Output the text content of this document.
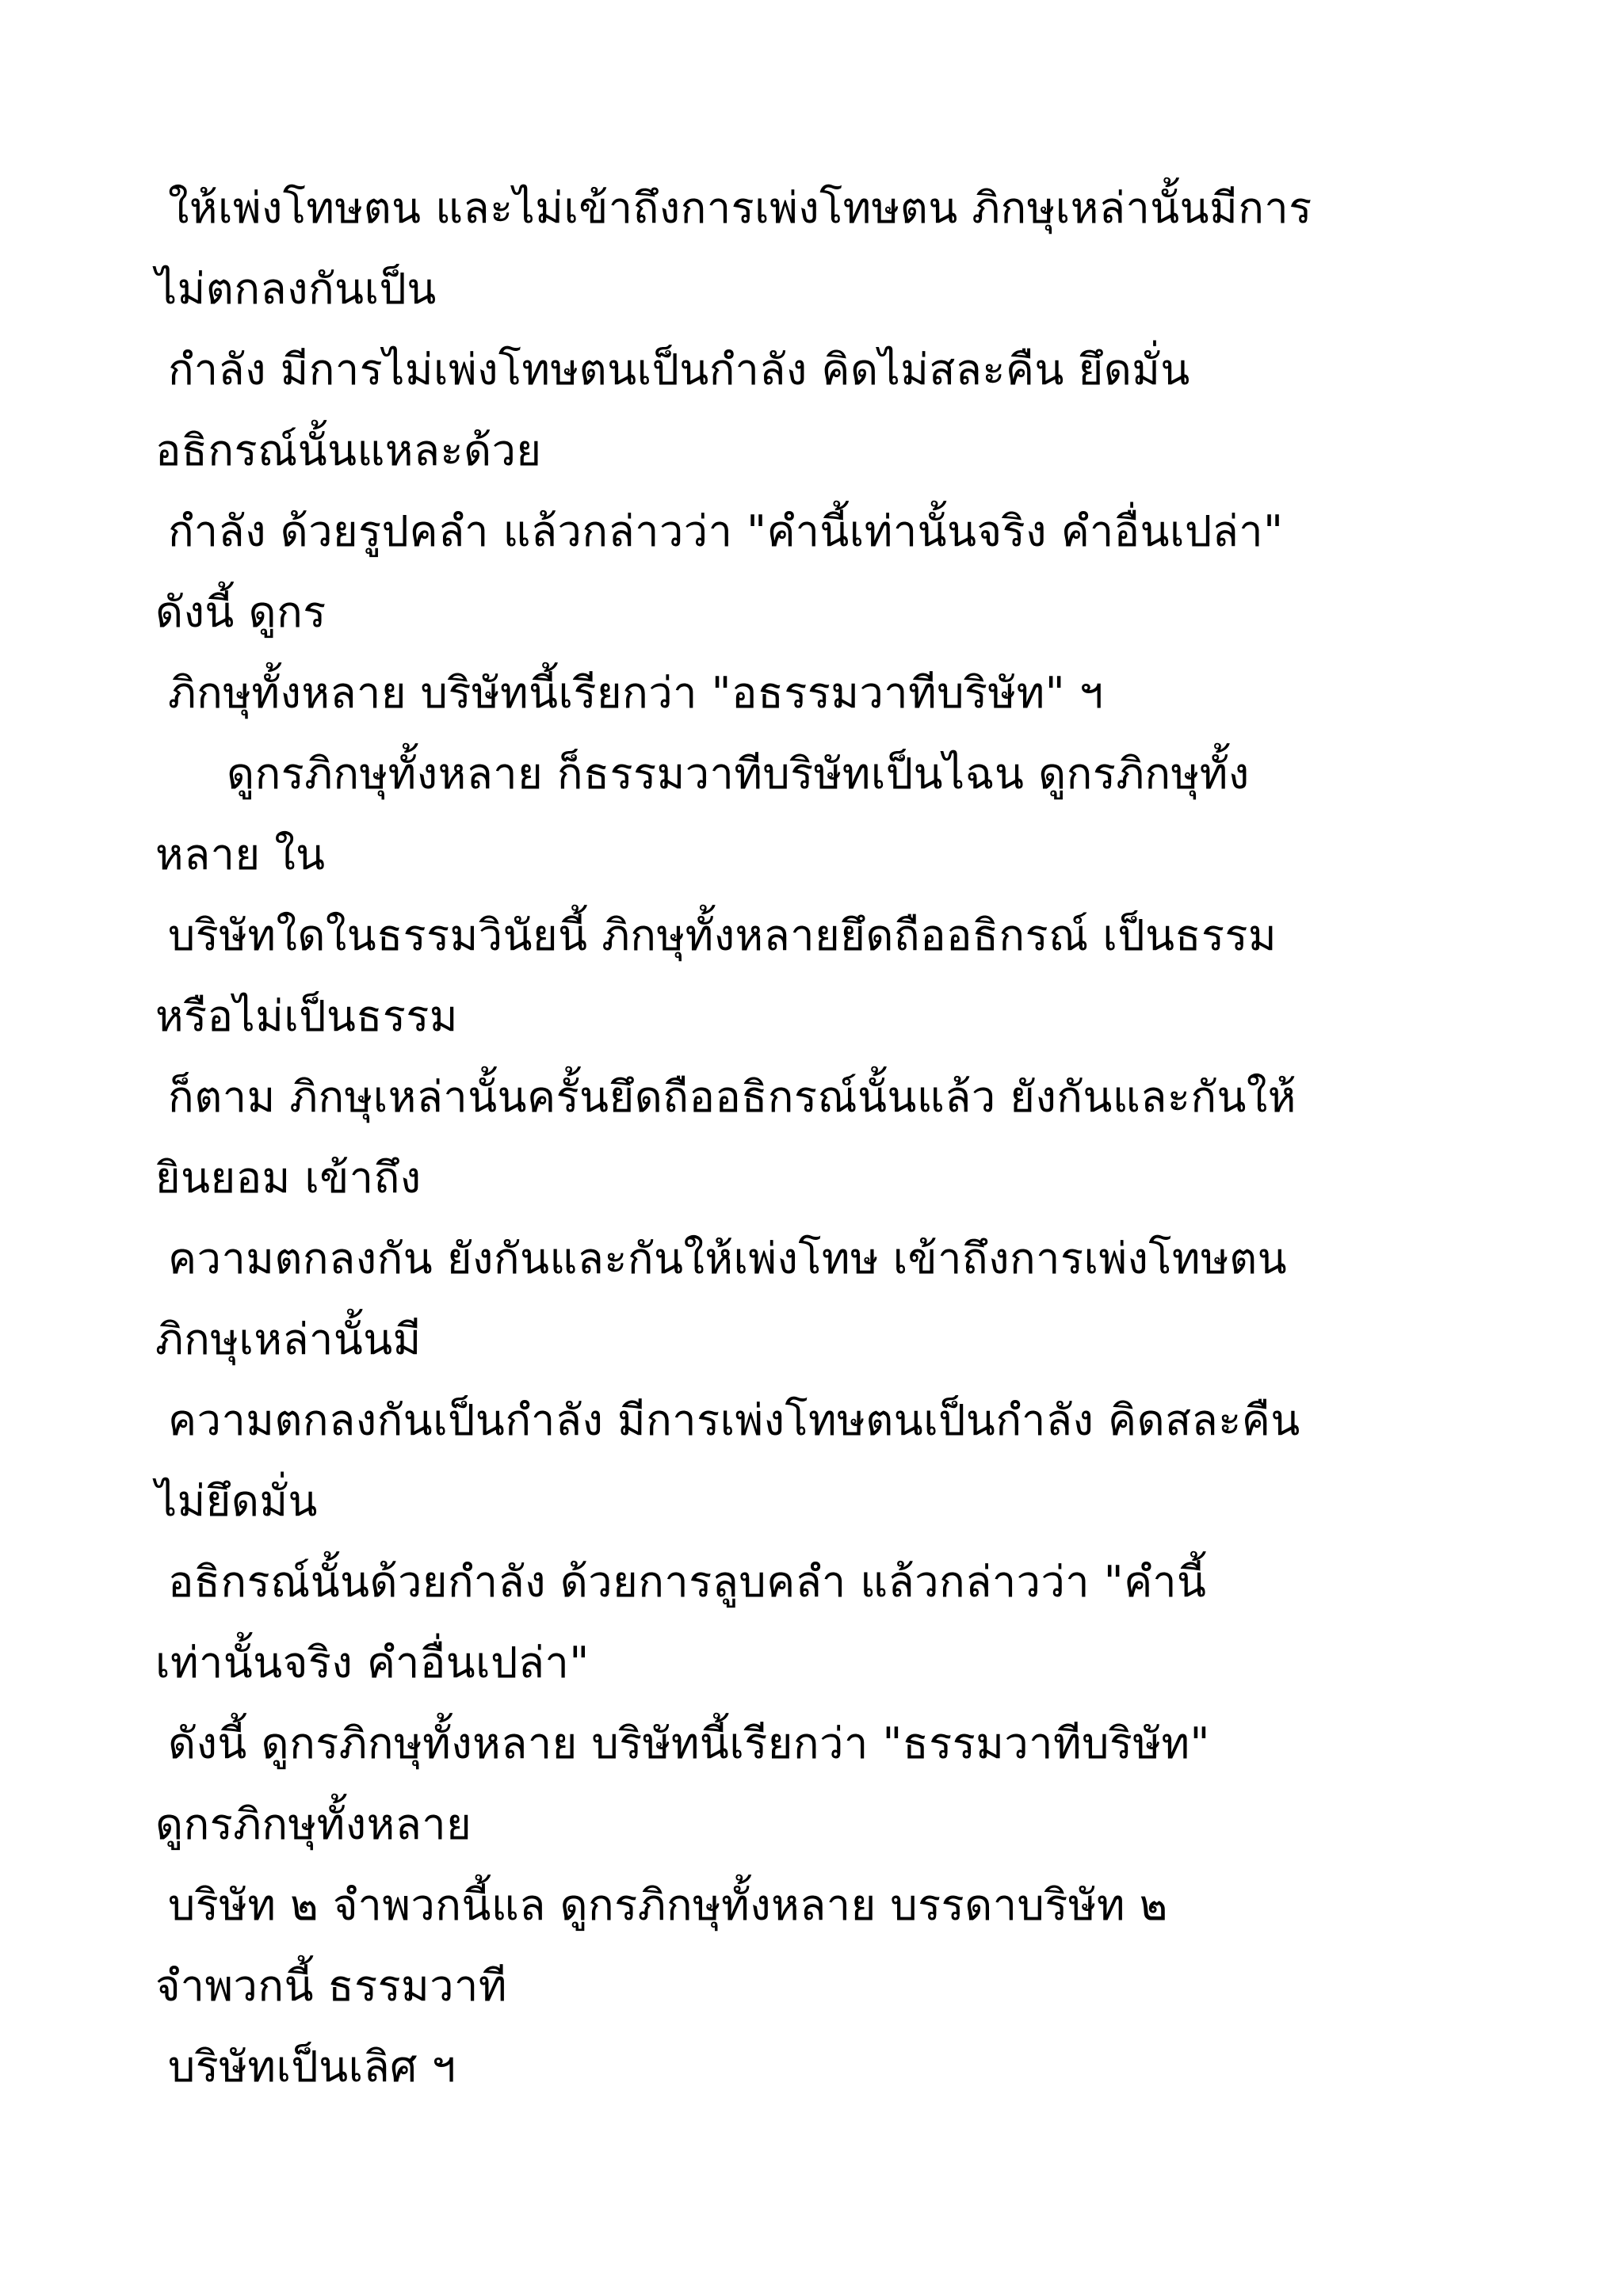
ให้เพ่งโทษตน และไม่เข้าถึงการเพ่งโทษตน ภิกษุเหล่านั้นมีการ
ไม่ตกลงกันเป็น
กำลัง มีการไม่เพ่งโทษตนเป็นกำลัง คิดไม่สละคืน ยึดมั่น
อธิกรณ์นั้นแหละด้วย
กำลัง ด้วยรูปคลำ แล้วกล่าวว่า "คำนี้เท่านั้นจริง คำอื่นเปล่า"
ดังนี้ ดูกร
ภิกษุทั้งหลาย บริษัทนี้เรียกว่า "อธรรมวาทีบริษัท" ฯ
ดูกรภิกษุทั้งหลาย ก็ธรรมวาทีบริษัทเป็นไฉน ดูกรภิกษุทั้ง
หลาย ใน
บริษัทใดในธรรมวินัยนี้ ภิกษุทั้งหลายยึดถืออธิกรณ์ เป็นธรรม
หรือไม่เป็นธรรม
ก็ตาม ภิกษุเหล่านั้นครั้นยึดถืออธิกรณ์นั้นแล้ว ยังกันและกันให้
ยินยอม เข้าถึง
ความตกลงกัน ยังกันและกันให้เพ่งโทษ เข้าถึงการเพ่งโทษตน
ภิกษุเหล่านั้นมี
ความตกลงกันเป็นกำลัง มีการเพ่งโทษตนเป็นกำลัง คิดสละคืน
ไม่ยึดมั่น
อธิกรณ์นั้นด้วยกำลัง ด้วยการลูบคลำ แล้วกล่าวว่า "คำนี้
เท่านั้นจริง คำอื่นเปล่า"
ดังนี้ ดูกรภิกษุทั้งหลาย บริษัทนี้เรียกว่า "ธรรมวาทีบริษัท"
ดูกรภิกษุทั้งหลาย
บริษัท ๒ จำพวกนี้แล ดูกรภิกษุทั้งหลาย บรรดาบริษัท ๒
จำพวกนี้ ธรรมวาที
บริษัทเป็นเลิศ ฯ
